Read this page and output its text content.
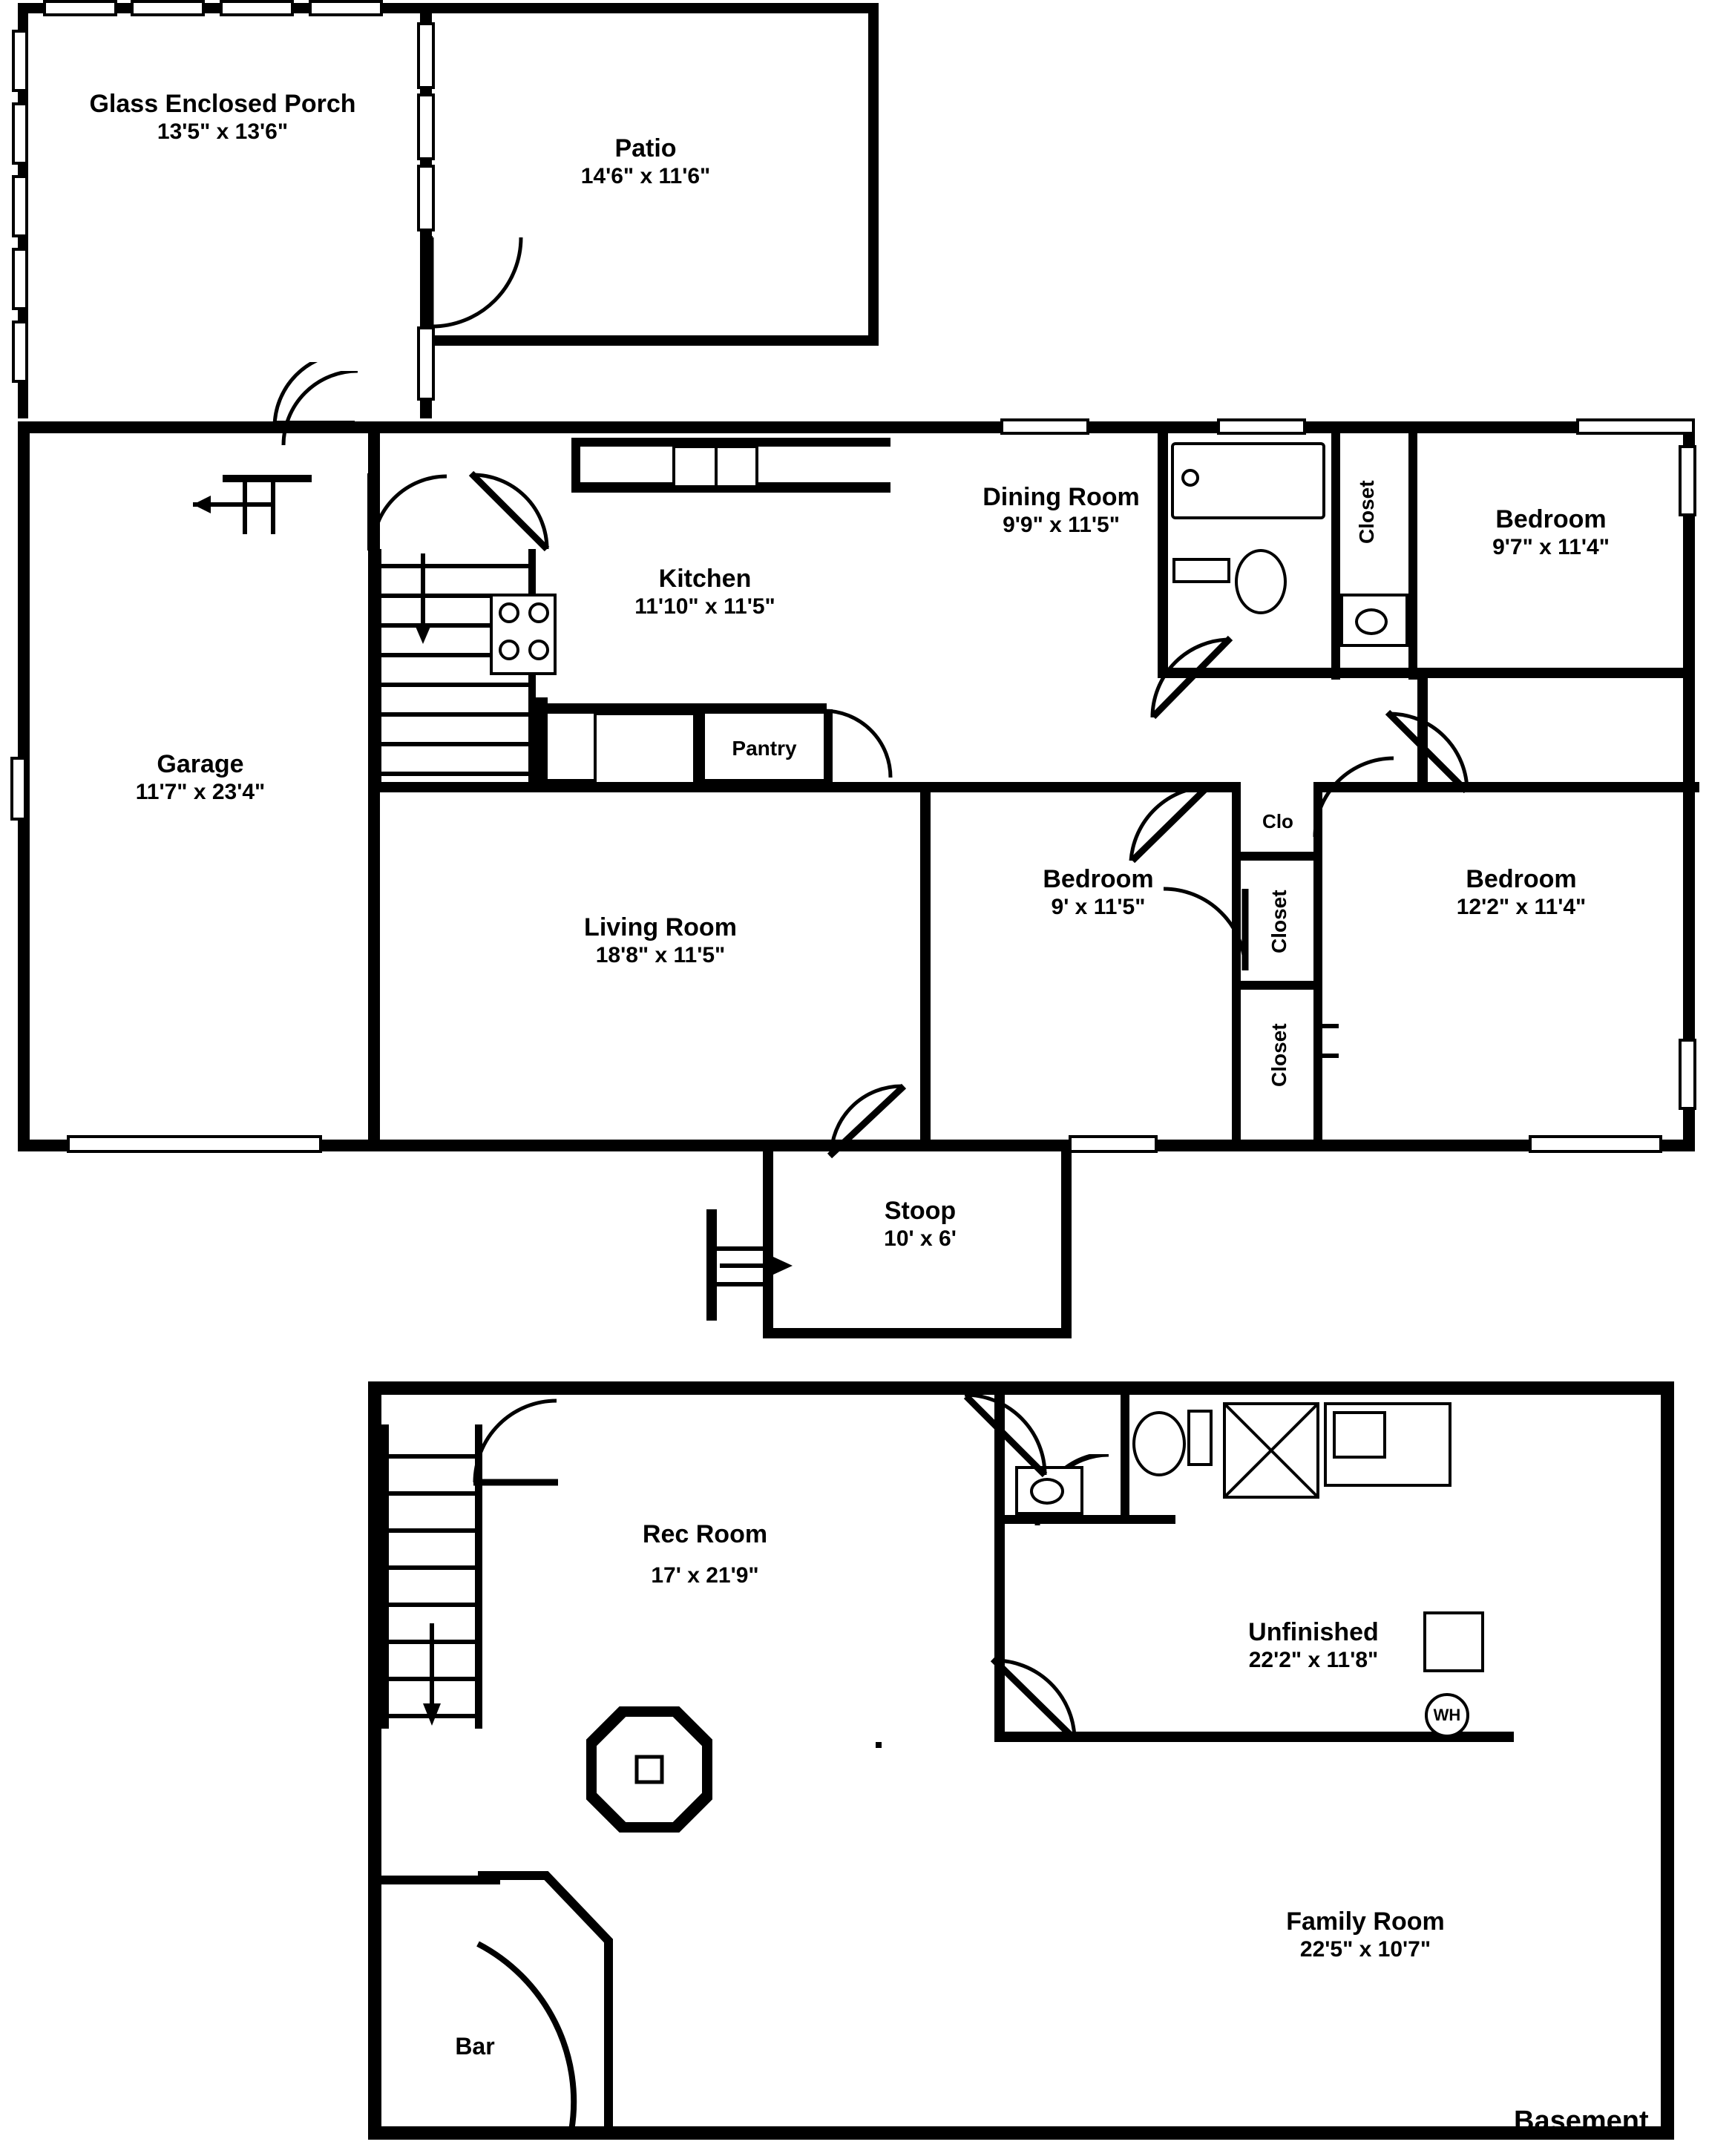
Glass Enclosed Porch
13'5" x 13'6"
Patio
14'6" x 11'6"
Garage
11'7" x 23'4"
Kitchen
11'10" x 11'5"
Pantry
Living Room
18'8" x 11'5"
Dining Room
9'9" x 11'5"	Closet	Bedroom
9'7" x 11'4"
Bedroom
9' x 11'5"
Bedroom
12'2" x 11'4"
Clo
Closet
Closet
Stoop
10' x 6'
Rec Room
17' x 21'9"
Unfinished
22'2" x 11'8"
Family Room
22'5" x 10'7"
WH
Bar
Basement
